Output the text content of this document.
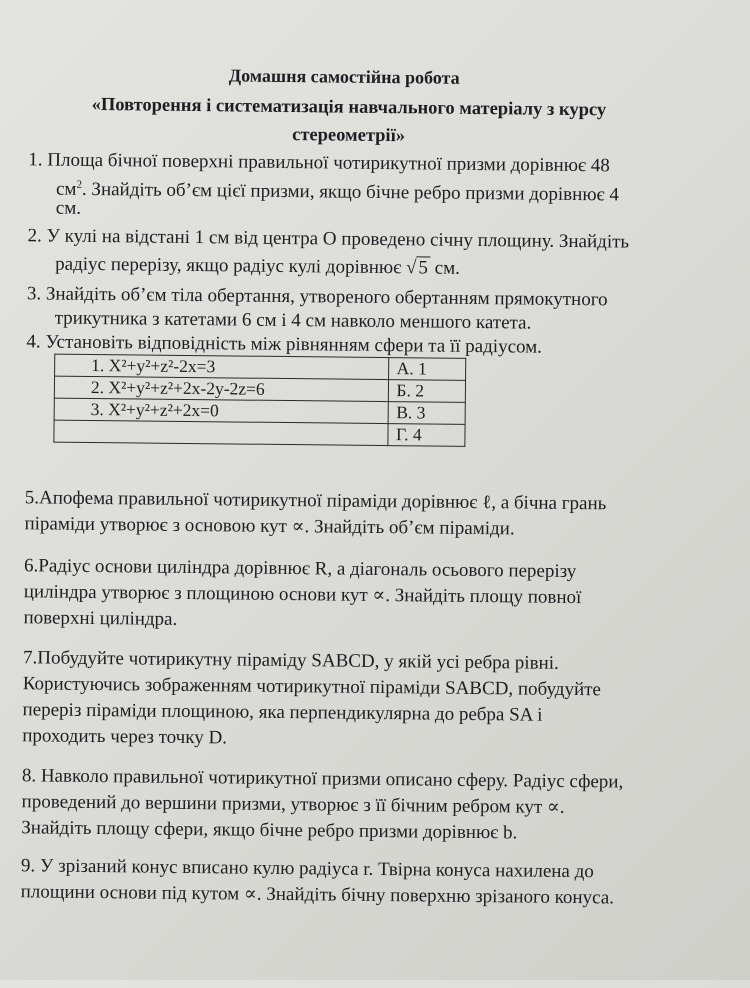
Домашня самостійна робота
«Повторення і систематизація навчального матеріалу з курсу
стереометрії»
1. Площа бічної поверхні правильної чотирикутної призми дорівнює 48
$см^2$. Знайдіть об’єм цієї призми, якщо бічне ребро призми дорівнює 4
см.
2. У кулі на відстані 1 см від центра О проведено січну площину. Знайдіть
радіус перерізу, якщо радіус кулі дорівнює √5 см.
3. Знайдіть об’єм тіла обертання, утвореного обертанням прямокутного
трикутника з катетами 6 см і 4 см навколо меншого катета.
4. Установіть відповідність між рівнянням сфери та її радіусом.
1. X²+y²+z²-2x=3	А. 1
2. X²+y²+z²+2x-2y-2z=6	Б. 2
3. X²+y²+z²+2x=0	В. 3
	Г. 4
5.Апофема правильної чотирикутної піраміди дорівнює ℓ, а бічна грань
піраміди утворює з основою кут ∝. Знайдіть об’єм піраміди.
6.Радіус основи циліндра дорівнює R, а діагональ осьового перерізу
циліндра утворює з площиною основи кут ∝. Знайдіть площу повної
поверхні циліндра.
7.Побудуйте чотирикутну піраміду SABCD, у якій усі ребра рівні.
Користуючись зображенням чотирикутної піраміди SABCD, побудуйте
переріз піраміди площиною, яка перпендикулярна до ребра SA і
проходить через точку D.
8. Навколо правильної чотирикутної призми описано сферу. Радіус сфери,
проведений до вершини призми, утворює з її бічним ребром кут ∝.
Знайдіть площу сфери, якщо бічне ребро призми дорівнює b.
9. У зрізаний конус вписано кулю радіуса r. Твірна конуса нахилена до
площини основи під кутом ∝. Знайдіть бічну поверхню зрізаного конуса.
